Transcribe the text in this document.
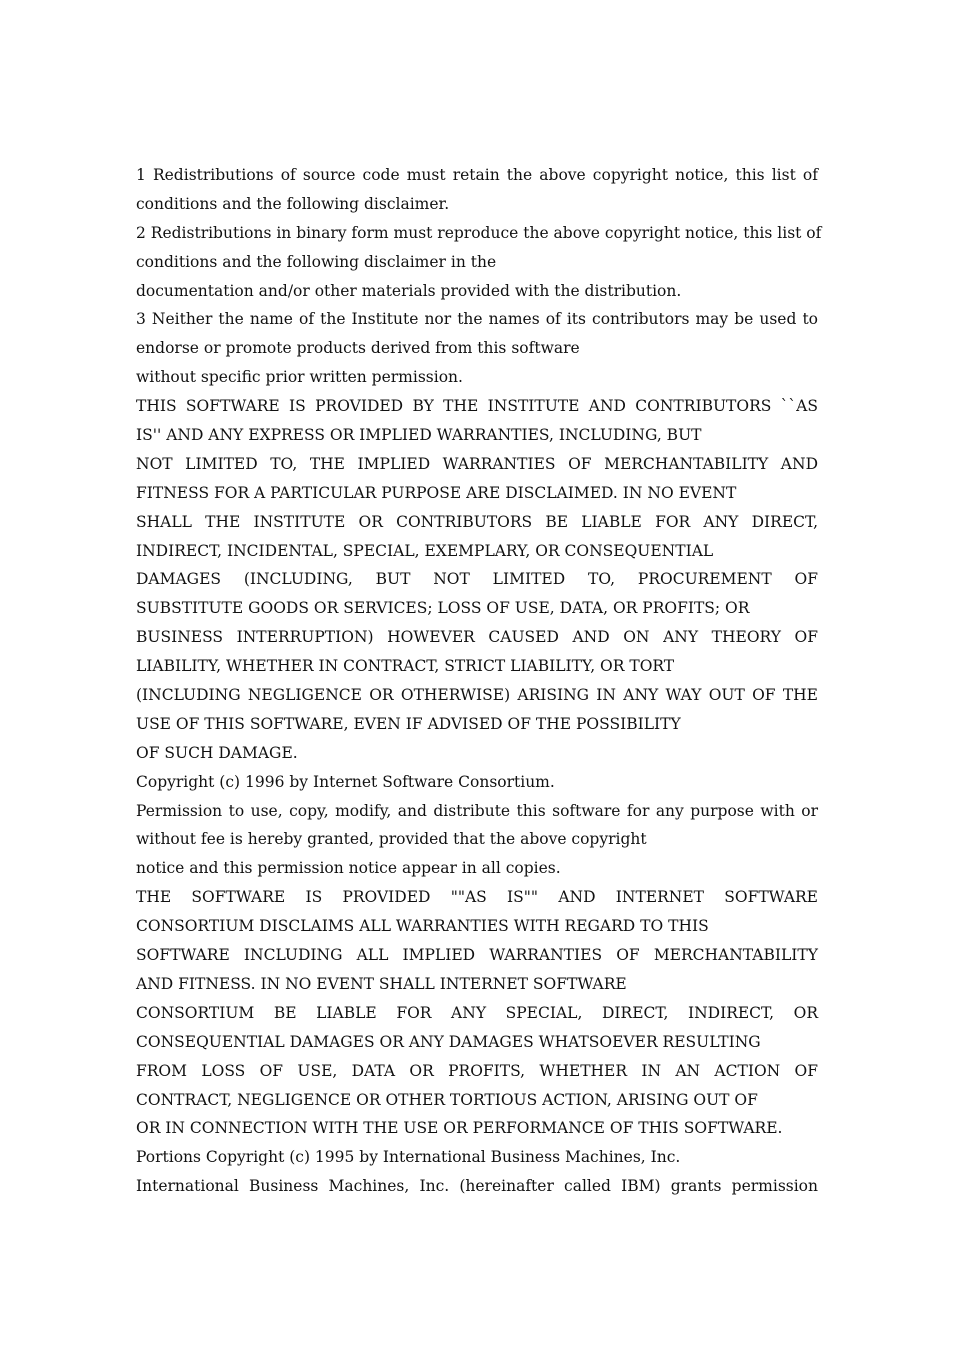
1 Redistributions of source code must retain the above copyright notice, this list of
conditions and the following disclaimer.
2 Redistributions in binary form must reproduce the above copyright notice, this list of
conditions and the following disclaimer in the
documentation and/or other materials provided with the distribution.
3 Neither the name of the Institute nor the names of its contributors may be used to
endorse or promote products derived from this software
without specific prior written permission.
THIS SOFTWARE IS PROVIDED BY THE INSTITUTE AND CONTRIBUTORS ``AS
IS'' AND ANY EXPRESS OR IMPLIED WARRANTIES, INCLUDING, BUT
NOT LIMITED TO, THE IMPLIED WARRANTIES OF MERCHANTABILITY AND
FITNESS FOR A PARTICULAR PURPOSE ARE DISCLAIMED. IN NO EVENT
SHALL THE INSTITUTE OR CONTRIBUTORS BE LIABLE FOR ANY DIRECT,
INDIRECT, INCIDENTAL, SPECIAL, EXEMPLARY, OR CONSEQUENTIAL
DAMAGES (INCLUDING, BUT NOT LIMITED TO, PROCUREMENT OF
SUBSTITUTE GOODS OR SERVICES; LOSS OF USE, DATA, OR PROFITS; OR
BUSINESS INTERRUPTION) HOWEVER CAUSED AND ON ANY THEORY OF
LIABILITY, WHETHER IN CONTRACT, STRICT LIABILITY, OR TORT
(INCLUDING NEGLIGENCE OR OTHERWISE) ARISING IN ANY WAY OUT OF THE
USE OF THIS SOFTWARE, EVEN IF ADVISED OF THE POSSIBILITY
OF SUCH DAMAGE.
Copyright (c) 1996 by Internet Software Consortium.
Permission to use, copy, modify, and distribute this software for any purpose with or
without fee is hereby granted, provided that the above copyright
notice and this permission notice appear in all copies.
THE SOFTWARE IS PROVIDED ""AS IS"" AND INTERNET SOFTWARE
CONSORTIUM DISCLAIMS ALL WARRANTIES WITH REGARD TO THIS
SOFTWARE INCLUDING ALL IMPLIED WARRANTIES OF MERCHANTABILITY
AND FITNESS. IN NO EVENT SHALL INTERNET SOFTWARE
CONSORTIUM BE LIABLE FOR ANY SPECIAL, DIRECT, INDIRECT, OR
CONSEQUENTIAL DAMAGES OR ANY DAMAGES WHATSOEVER RESULTING
FROM LOSS OF USE, DATA OR PROFITS, WHETHER IN AN ACTION OF
CONTRACT, NEGLIGENCE OR OTHER TORTIOUS ACTION, ARISING OUT OF
OR IN CONNECTION WITH THE USE OR PERFORMANCE OF THIS SOFTWARE.
Portions Copyright (c) 1995 by International Business Machines, Inc.
International Business Machines, Inc. (hereinafter called IBM) grants permission
